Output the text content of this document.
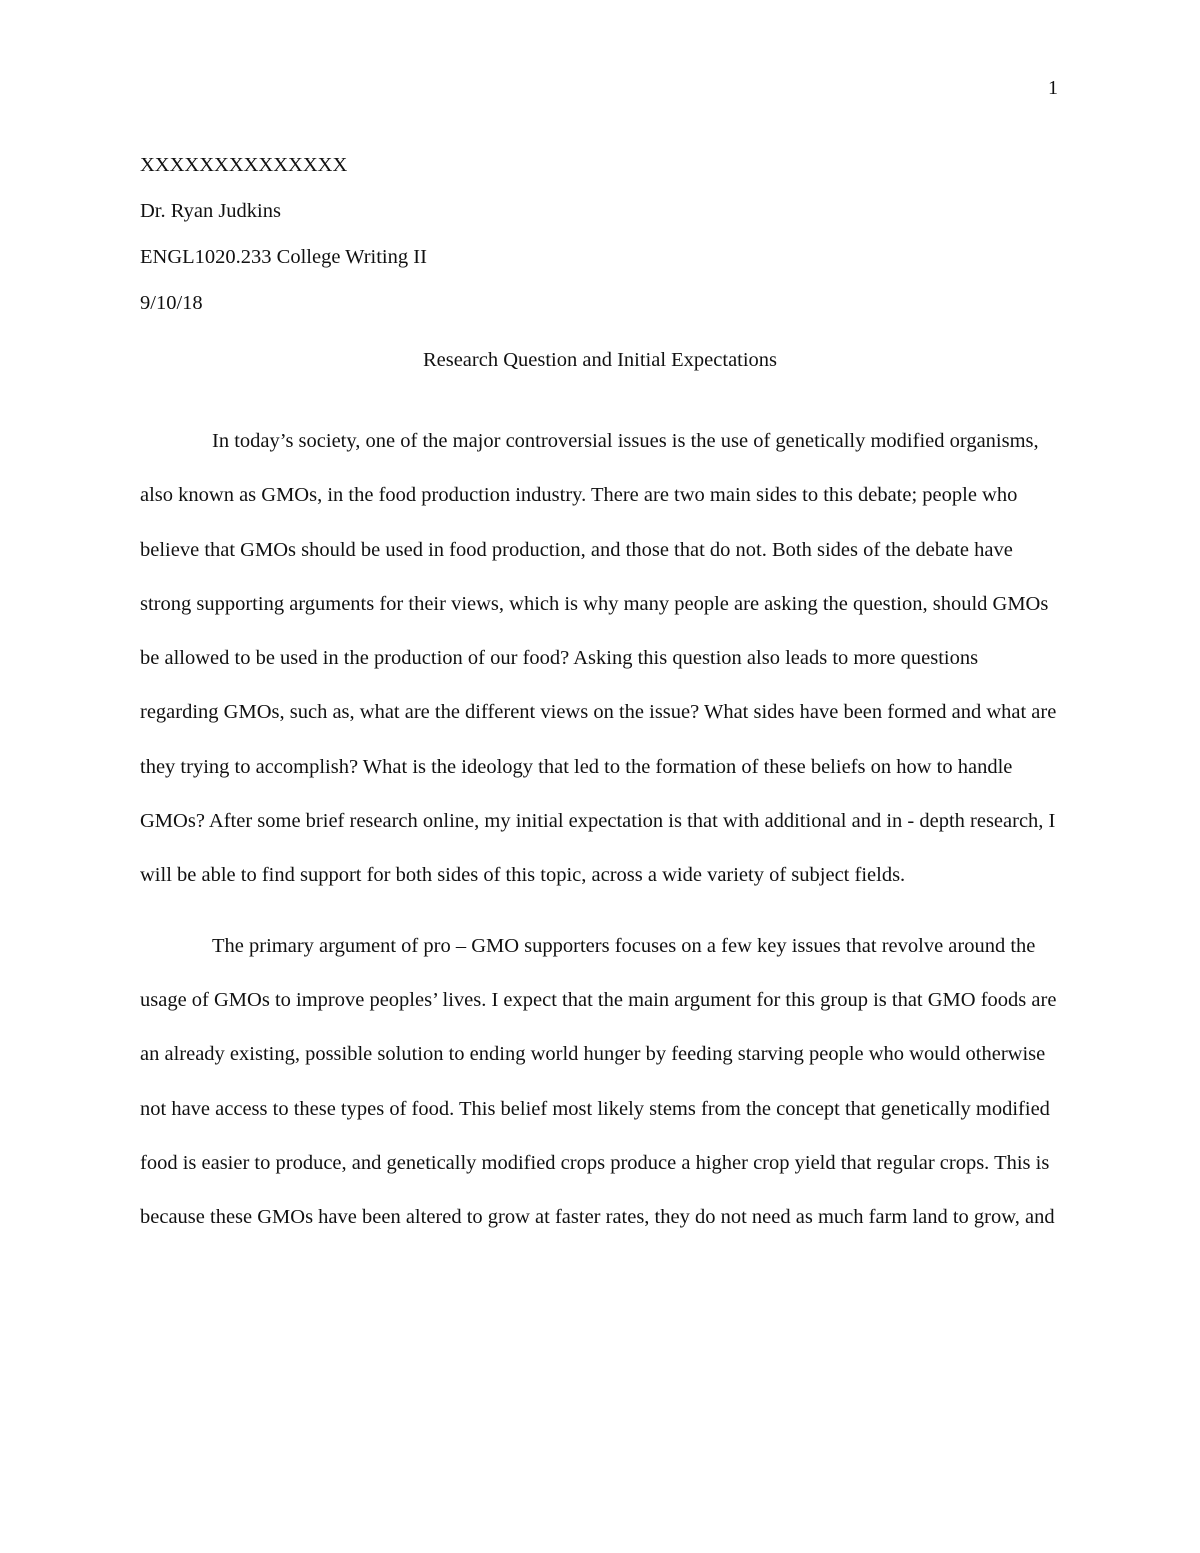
1
XXXXXXXXXXXXXX
Dr. Ryan Judkins
ENGL1020.233 College Writing II
9/10/18
Research Question and Initial Expectations

In today’s society, one of the major controversial issues is the use of genetically modified organisms, also known as GMOs, in the food production industry. There are two main sides to this debate; people who believe that GMOs should be used in food production, and those that do not. Both sides of the debate have strong supporting arguments for their views, which is why many people are asking the question, should GMOs be allowed to be used in the production of our food? Asking this question also leads to more questions regarding GMOs, such as, what are the different views on the issue? What sides have been formed and what are they trying to accomplish? What is the ideology that led to the formation of these beliefs on how to handle GMOs? After some brief research online, my initial expectation is that with additional and in - depth research, I will be able to find support for both sides of this topic, across a wide variety of subject fields.

The primary argument of pro – GMO supporters focuses on a few key issues that revolve around the usage of GMOs to improve peoples’ lives. I expect that the main argument for this group is that GMO foods are an already existing, possible solution to ending world hunger by feeding starving people who would otherwise not have access to these types of food. This belief most likely stems from the concept that genetically modified food is easier to produce, and genetically modified crops produce a higher crop yield that regular crops. This is because these GMOs have been altered to grow at faster rates, they do not need as much farm land to grow, and
